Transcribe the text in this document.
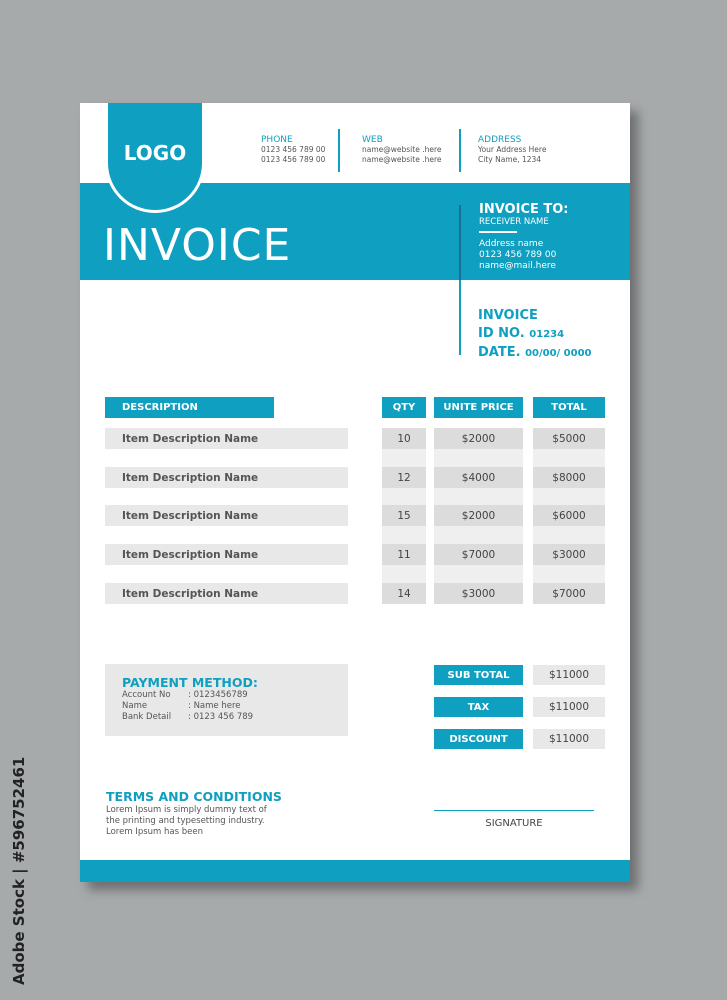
LOGO
PHONE
0123 456 789 00
0123 456 789 00
WEB
name@website .here
name@website .here
ADDRESS
Your Address Here
City Name, 1234
INVOICE
INVOICE TO:
RECEIVER NAME
Address name
0123 456 789 00
name@mail.here
INVOICE
ID NO. 01234
DATE. 00/00/ 0000
DESCRIPTION	QTY	UNITE PRICE	TOTAL
Item Description Name	10	$2000	$5000
Item Description Name	12	$4000	$8000
Item Description Name	15	$2000	$6000
Item Description Name	11	$7000	$3000
Item Description Name	14	$3000	$7000
PAYMENT METHOD:
Account No	: 0123456789
Name	: Name here
Bank Detail	: 0123 456 789
SUB TOTAL	$11000
TAX	$11000
DISCOUNT	$11000
TERMS AND CONDITIONS
Lorem Ipsum is simply dummy text of
the printing and typesetting industry.
Lorem Ipsum has been
SIGNATURE
Adobe Stock | #596752461
